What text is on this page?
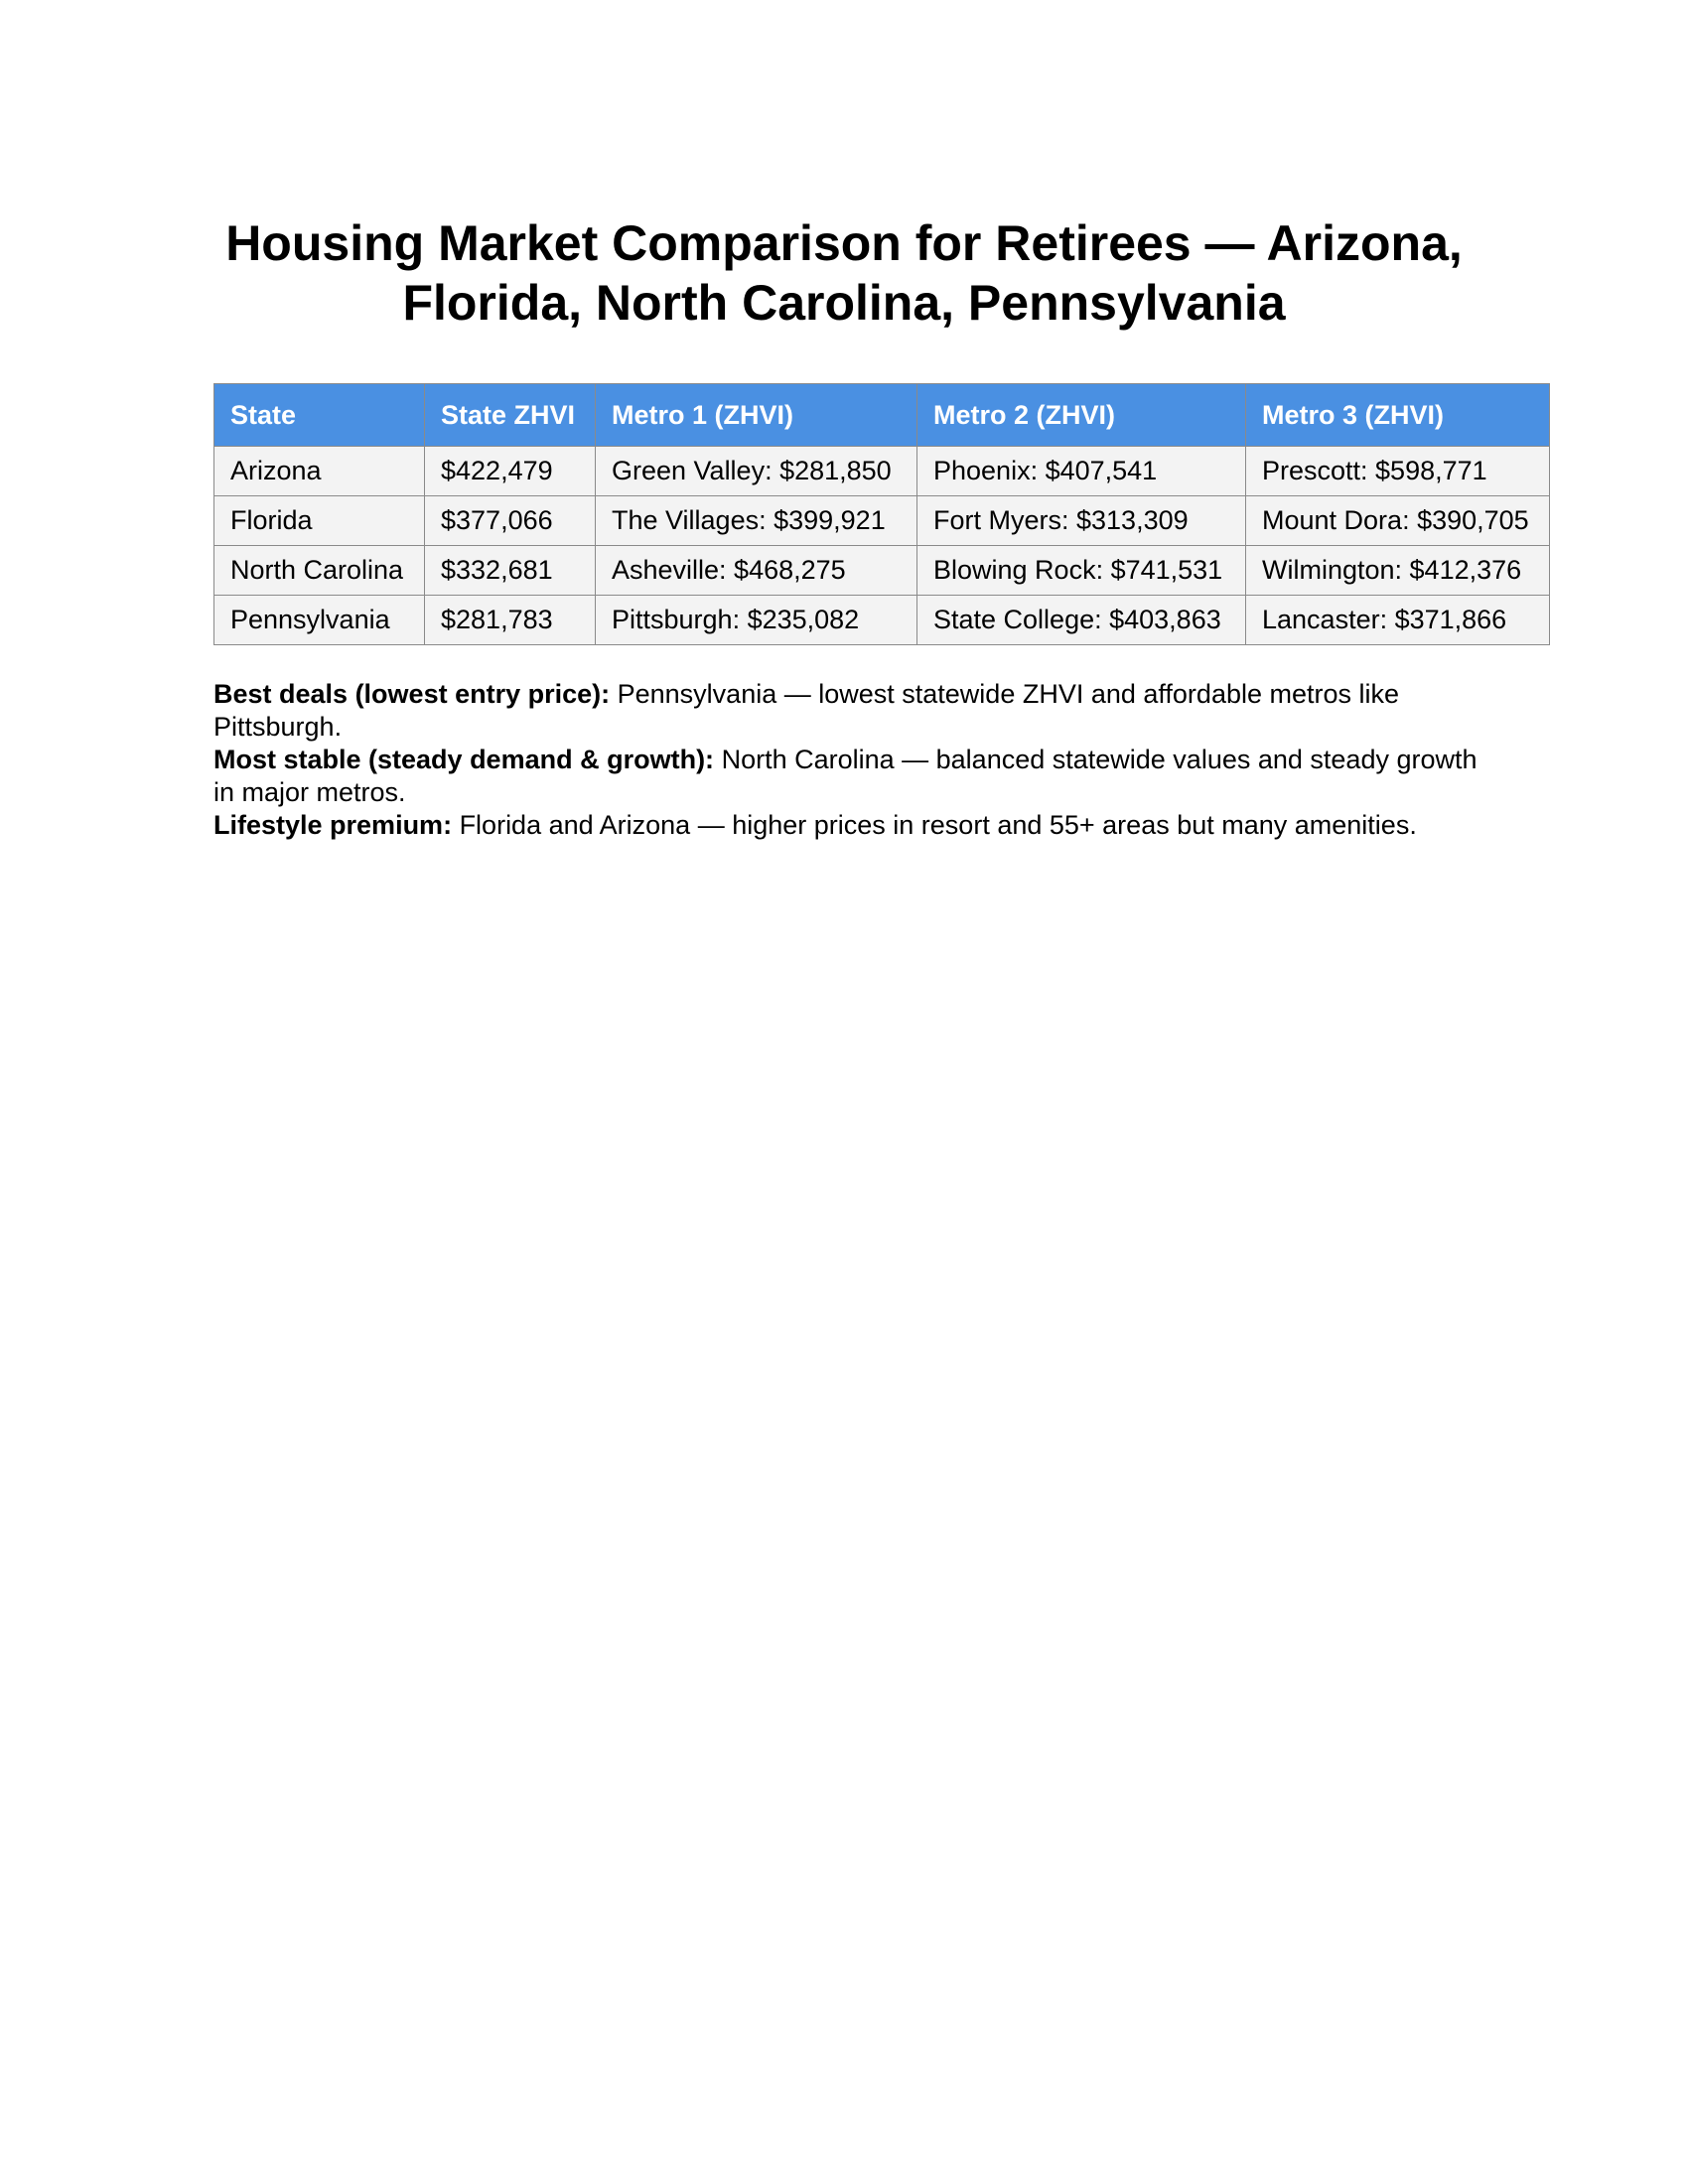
Housing Market Comparison for Retirees — Arizona, Florida, North Carolina, Pennsylvania
State	State ZHVI	Metro 1 (ZHVI)	Metro 2 (ZHVI)	Metro 3 (ZHVI)
Arizona	$422,479	Green Valley: $281,850	Phoenix: $407,541	Prescott: $598,771
Florida	$377,066	The Villages: $399,921	Fort Myers: $313,309	Mount Dora: $390,705
North Carolina	$332,681	Asheville: $468,275	Blowing Rock: $741,531	Wilmington: $412,376
Pennsylvania	$281,783	Pittsburgh: $235,082	State College: $403,863	Lancaster: $371,866

Best deals (lowest entry price): Pennsylvania — lowest statewide ZHVI and affordable metros like Pittsburgh.

Most stable (steady demand & growth): North Carolina — balanced statewide values and steady growth in major metros.

Lifestyle premium: Florida and Arizona — higher prices in resort and 55+ areas but many amenities.
